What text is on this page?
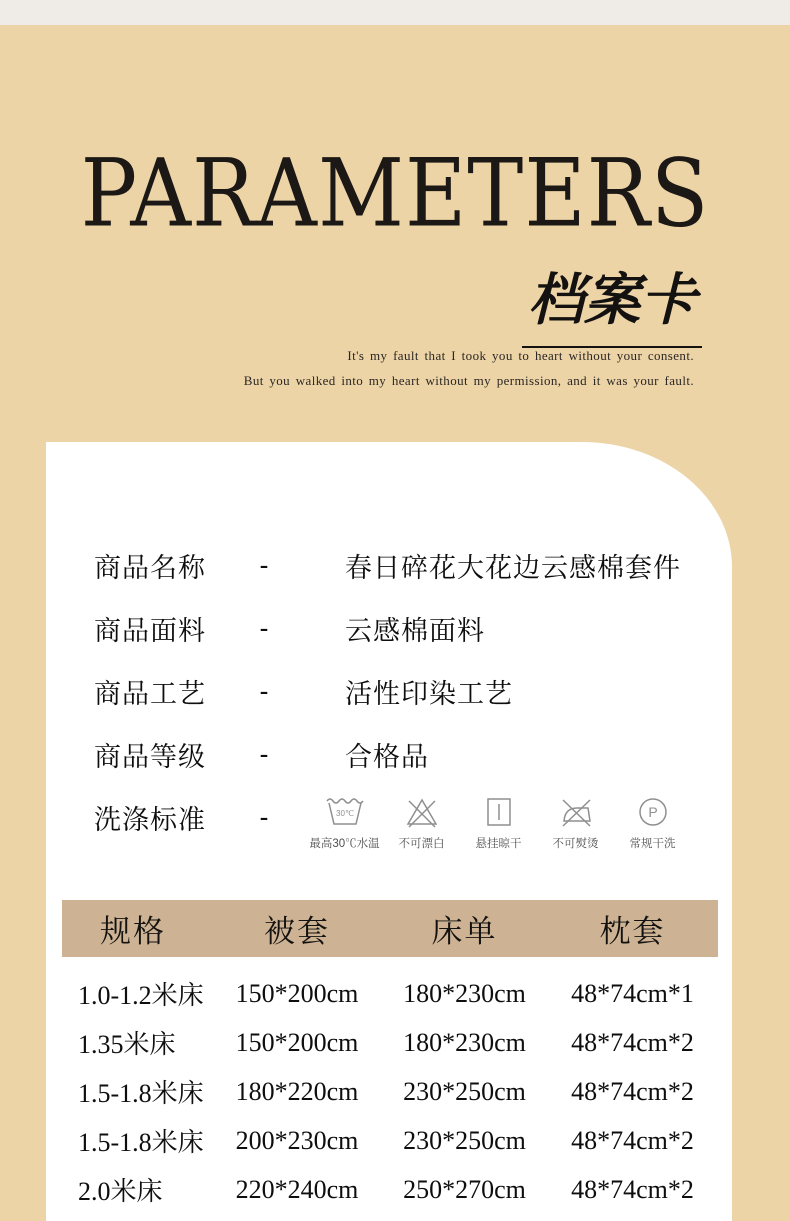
PARAMETERS
档案卡
It's my fault that I took you to heart without your consent.
But you walked into my heart without my permission, and it was your fault.
商品名称	-	春日碎花大花边云感棉套件
商品面料	-	云感棉面料
商品工艺	-	活性印染工艺
商品等级	-	合格品
洗涤标准	-	30℃
最高30℃水温 不可漂白	悬挂晾干	不可熨烫
P
常规干洗
规格	被套	床单	枕套
1.0-1.2米床	150*200cm	180*230cm	48*74cm*1
1.35米床	150*200cm	180*230cm	48*74cm*2
1.5-1.8米床	180*220cm	230*250cm	48*74cm*2
1.5-1.8米床	200*230cm	230*250cm	48*74cm*2
2.0米床	220*240cm	250*270cm	48*74cm*2
